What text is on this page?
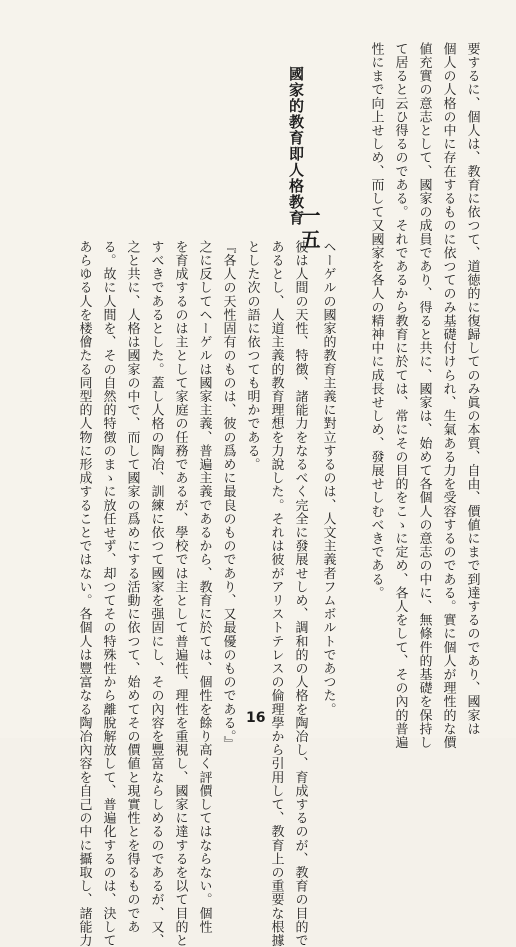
要するに、個人は、教育に依つて、道徳的に復歸してのみ眞の本質、自由、價値にまで到達するのであり、國家は
個人の人格の中に存在するものに依つてのみ基礎付けられ、生氣ある力を受容するのである。實に個人が理性的な價
値充實の意志として、國家の成員であり、得ると共に、國家は、始めて各個人の意志の中に、無條件的基礎を保持し
て居ると云ひ得るのである。それであるから教育に於ては、常にその目的をこゝに定め、各人をして、その內的普遍
性にまで向上せしめ、而して又國家を各人の精神中に成長せしめ、發展せしむべきである。
一五
國家的教育即人格教育
ヘーゲルの國家的教育主義に對立するのは、人文主義者フムボルトであつた。
彼は人間の天性、特徴、諸能力をなるべく完全に發展せしめ、調和的の人格を陶冶し、育成するのが、教育の目的で
あるとし、人道主義的教育理想を力說した。それは彼がアリストテレスの倫理學から引用して、教育上の重要な根據
とした次の語に依つても明かである。
『各人の天性固有のものは、彼の爲めに最良のものであり、又最優のものである。』
之に反してヘーゲルは國家主義、普遍主義であるから、教育に於ては、個性を餘り高く評價してはならない。個性
を育成するのは主として家庭の任務であるが、學校では主として普遍性、理性を重視し、國家に達するを以て目的と
すべきであるとした。蓋し人格の陶冶、訓練に依つて國家を强固にし、その內容を豐富ならしめるのであるが、又、
之と共に、人格は國家の中で、而して國家の爲めにする活動に依つて、始めてその價値と現實性とを得るものであ
る。故に人間を、その自然的特徴のまゝに放任せず、却つてその特殊性から離脫解放して、普遍化するのは、決して
あらゆる人を楼儈たる同型的人物に形成することではない。各個人は豐富なる陶冶內容を自己の中に攝取し、諸能力	16
